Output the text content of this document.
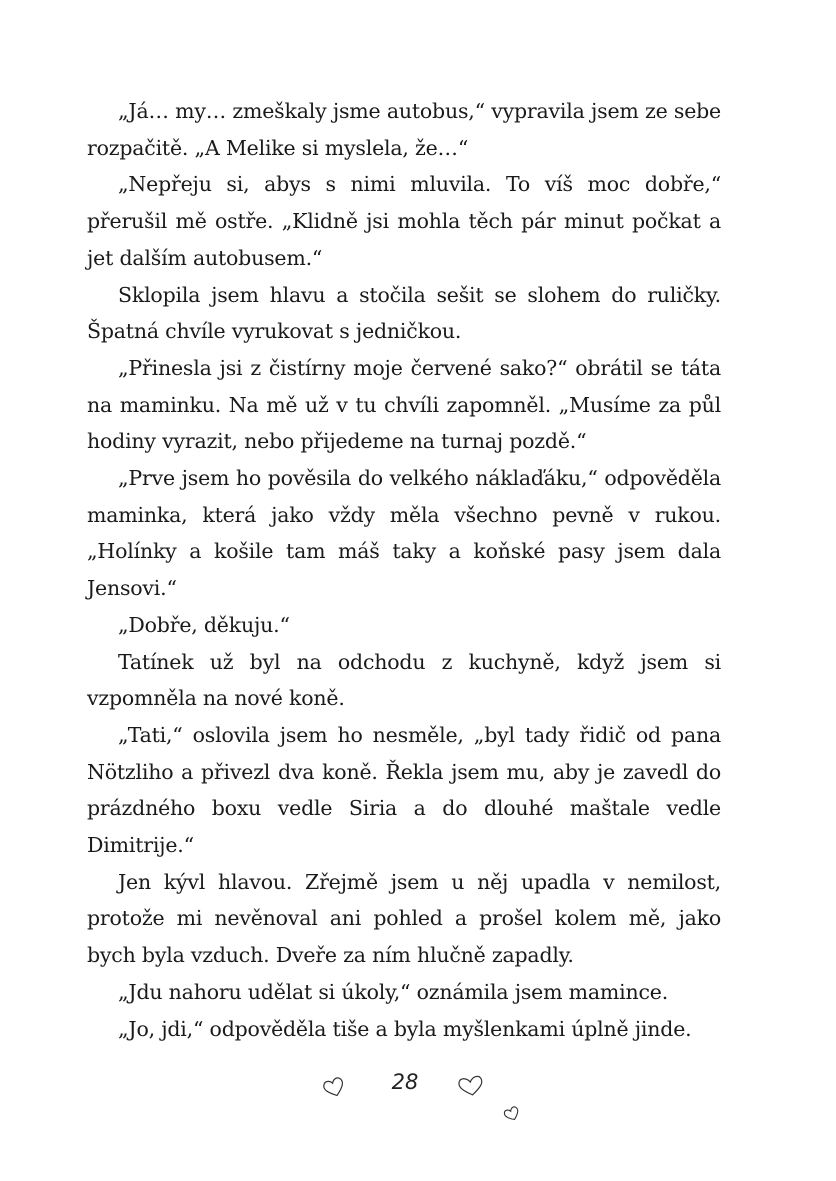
„Já… my… zmeškaly jsme autobus,“ vypravila jsem ze sebe rozpačitě. „A Melike si myslela, že…“

„Nepřeju si, abys s nimi mluvila. To víš moc dobře,“ přerušil mě ostře. „Klidně jsi mohla těch pár minut počkat a jet dalším autobusem.“

Sklopila jsem hlavu a stočila sešit se slohem do ruličky. Špatná chvíle vyrukovat s jedničkou.

„Přinesla jsi z čistírny moje červené sako?“ obrátil se táta na maminku. Na mě už v tu chvíli zapomněl. „Musíme za půl hodiny vyrazit, nebo přijedeme na turnaj pozdě.“

„Prve jsem ho pověsila do velkého náklaďáku,“ odpověděla maminka, která jako vždy měla všechno pevně v rukou. „Holínky a košile tam máš taky a koňské pasy jsem dala Jensovi.“

„Dobře, děkuju.“

Tatínek už byl na odchodu z kuchyně, když jsem si vzpomněla na nové koně.

„Tati,“ oslovila jsem ho nesměle, „byl tady řidič od pana Nötzliho a přivezl dva koně. Řekla jsem mu, aby je zavedl do prázdného boxu vedle Siria a do dlouhé maštale vedle Dimitrije.“

Jen kývl hlavou. Zřejmě jsem u něj upadla v nemilost, protože mi nevěnoval ani pohled a prošel kolem mě, jako bych byla vzduch. Dveře za ním hlučně zapadly.

„Jdu nahoru udělat si úkoly,“ oznámila jsem mamince.

„Jo, jdi,“ odpověděla tiše a byla myšlenkami úplně jinde.

28
